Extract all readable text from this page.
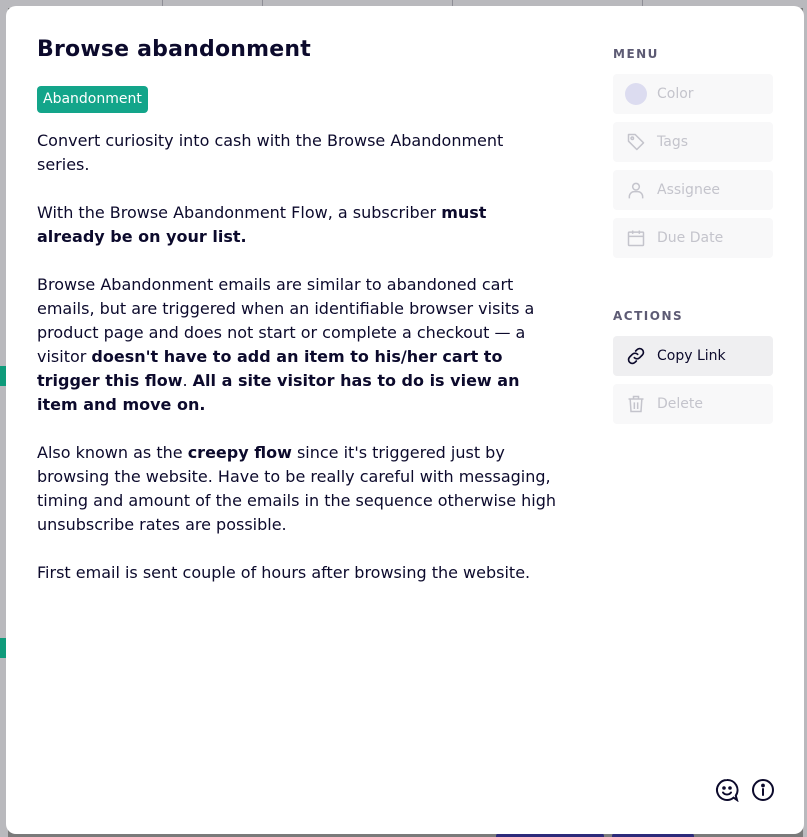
Browse abandonment
Abandonment

Convert curiosity into cash with the Browse Abandonment series.

With the Browse Abandonment Flow, a subscriber must already be on your list.

Browse Abandonment emails are similar to abandoned cart emails, but are triggered when an identifiable browser visits a product page and does not start or complete a checkout — a visitor doesn't have to add an item to his/her cart to trigger this flow. All a site visitor has to do is view an item and move on.

Also known as the creepy flow since it's triggered just by browsing the website. Have to be really careful with messaging, timing and amount of the emails in the sequence otherwise high unsubscribe rates are possible.

First email is sent couple of hours after browsing the website.

MENU
Color
Tags
Assignee
Due Date
ACTIONS
Copy Link
Delete
